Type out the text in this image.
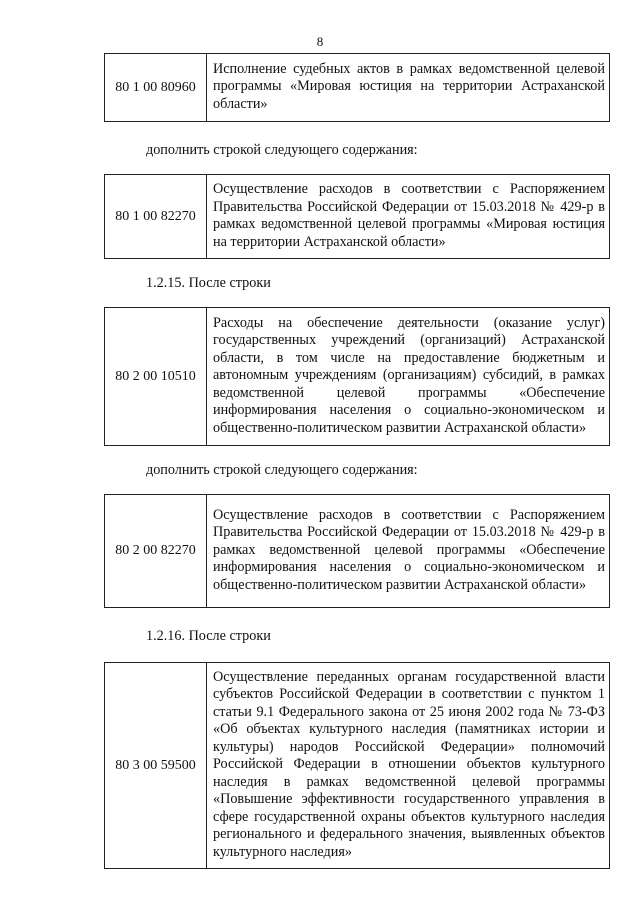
8
80 1 00 80960	Исполнение судебных актов в рамках ведомственной целевой программы «Мировая юстиция на территории Астраханской области»
дополнить строкой следующего содержания:
80 1 00 82270	Осуществление расходов в соответствии с Распоряжением Правительства Российской Федерации от 15.03.2018 № 429-р в рамках ведомственной целевой программы «Мировая юстиция на территории Астраханской области»
1.2.15. После строки
80 2 00 10510	Расходы на обеспечение деятельности (оказание услуг) государственных учреждений (организаций) Астраханской области, в том числе на предоставление бюджетным и автономным учреждениям (организациям) субсидий, в рамках ведомственной целевой программы «Обеспечение информирования населения о социально-экономическом и общественно-политическом развитии Астраханской области»
дополнить строкой следующего содержания:
80 2 00 82270	Осуществление расходов в соответствии с Распоряжением Правительства Российской Федерации от 15.03.2018 № 429-р в рамках ведомственной целевой программы «Обеспечение информирования населения о социально-экономическом и общественно-политическом развитии Астраханской области»
1.2.16. После строки
80 3 00 59500	Осуществление переданных органам государственной власти субъектов Российской Федерации в соответствии с пунктом 1 статьи 9.1 Федерального закона от 25 июня 2002 года № 73-ФЗ «Об объектах культурного наследия (памятниках истории и культуры) народов Российской Федерации» полномочий Российской Федерации в отношении объектов культурного наследия в рамках ведомственной целевой программы «Повышение эффективности государственного управления в сфере государственной охраны объектов культурного наследия регионального и федерального значения, выявленных объектов культурного наследия»
